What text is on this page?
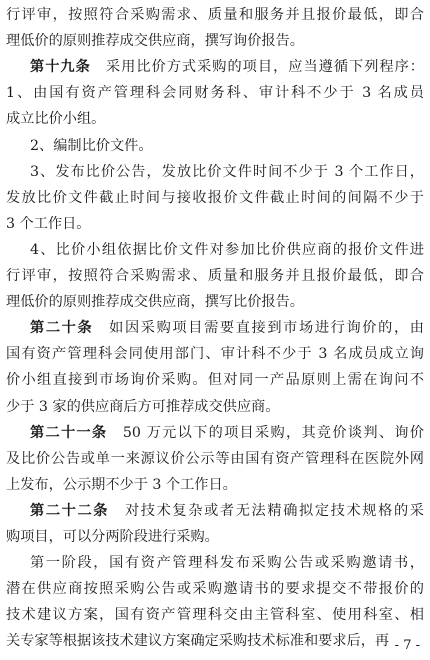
行评审，按照符合采购需求、质量和服务并且报价最低，即合
理低价的原则推荐成交供应商，撰写询价报告。
第十九条　 采用比价方式采购的项目，应当遵循下列程序：
1、由国有资产管理科会同财务科、审计科不少于 3 名成员
成立比价小组。
2、编制比价文件。
3、发布比价公告，发放比价文件时间不少于 3 个工作日，
发放比价文件截止时间与接收报价文件截止时间的间隔不少于
3 个工作日。
4、比价小组依据比价文件对参加比价供应商的报价文件进
行评审，按照符合采购需求、质量和服务并且报价最低，即合
理低价的原则推荐成交供应商，撰写比价报告。
第二十条　 如因采购项目需要直接到市场进行询价的，由
国有资产管理科会同使用部门、审计科不少于 3 名成员成立询
价小组直接到市场询价采购。但对同一产品原则上需在询问不
少于 3 家的供应商后方可推荐成交供应商。
第二十一条　 50 万元以下的项目采购，其竞价谈判、询价
及比价公告或单一来源议价公示等由国有资产管理科在医院外网
上发布，公示期不少于 3 个工作日。
第二十二条　 对技术复杂或者无法精确拟定技术规格的采
购项目，可以分两阶段进行采购。
第一阶段，国有资产管理科发布采购公告或采购邀请书，
潜在供应商按照采购公告或采购邀请书的要求提交不带报价的
技术建议方案，国有资产管理科交由主管科室、使用科室、相
关专家等根据该技术建议方案确定采购技术标准和要求后，再 - 7 -
